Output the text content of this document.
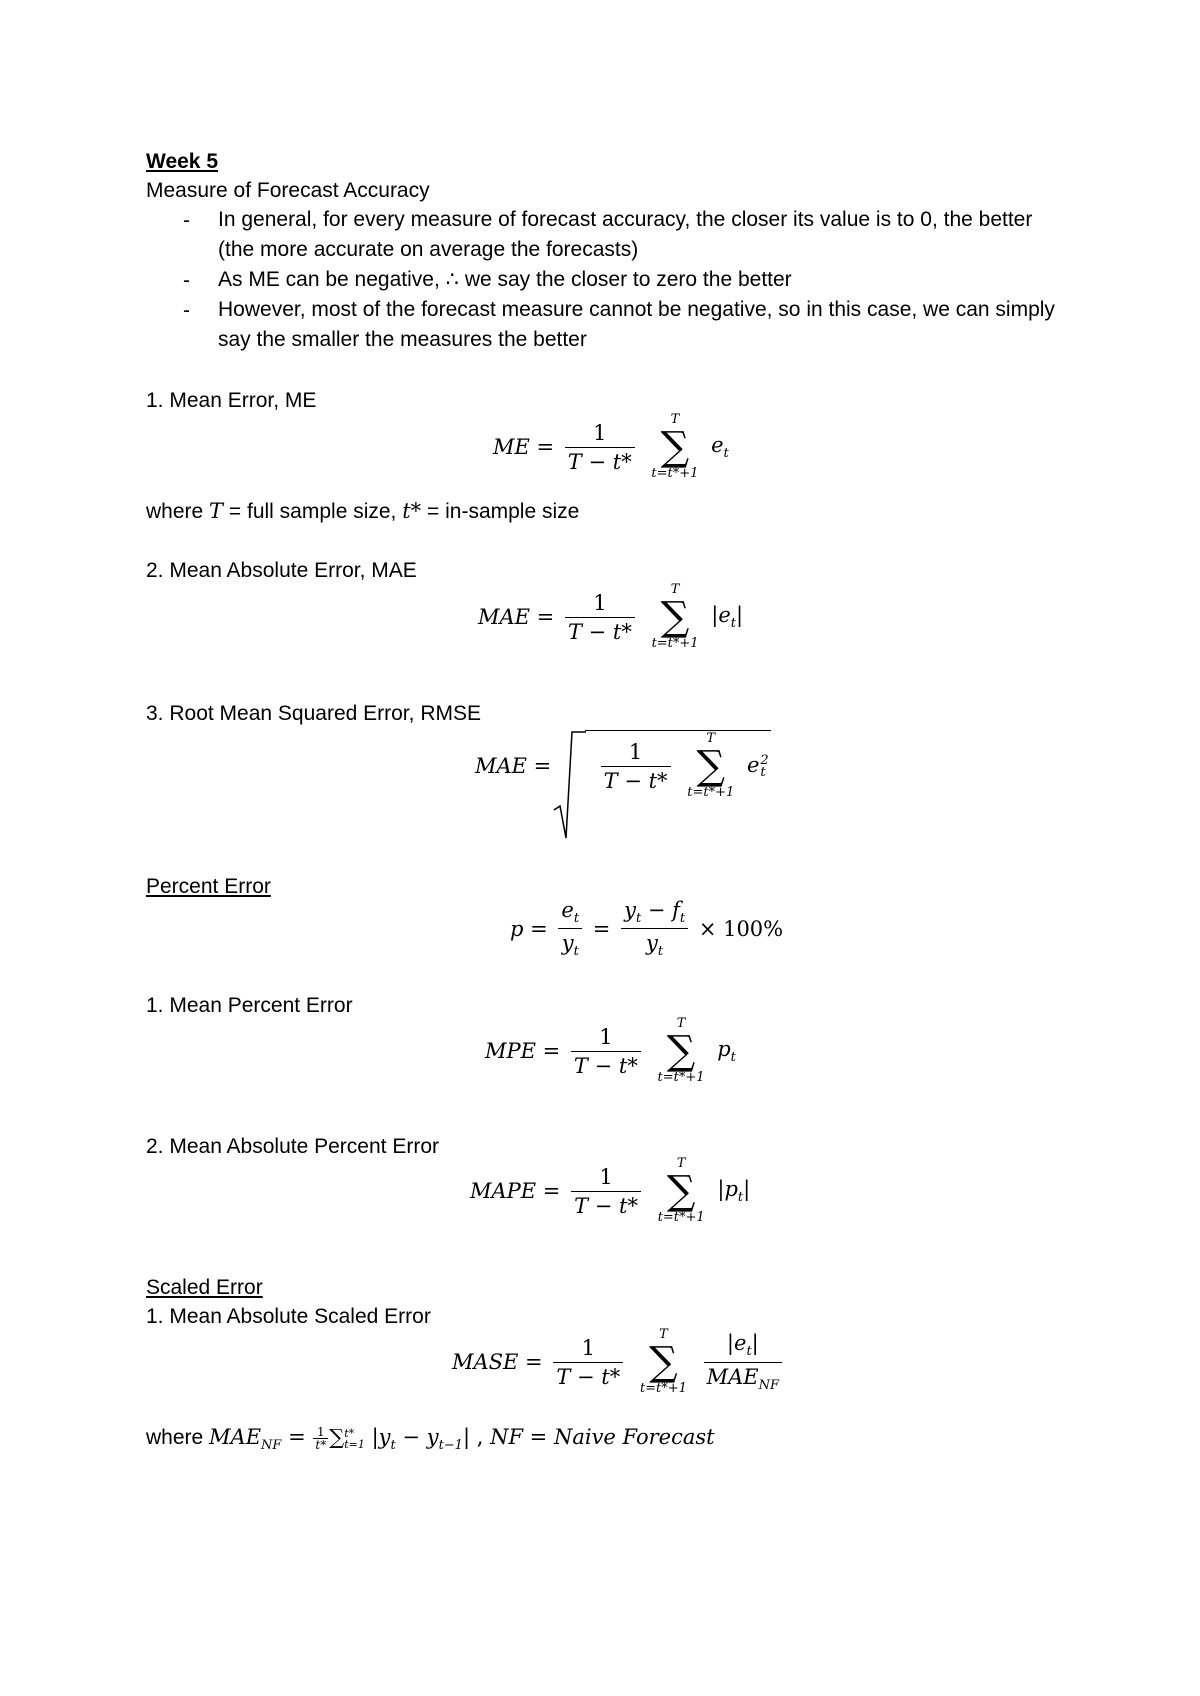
Week 5
Measure of Forecast Accuracy
- In general, for every measure of forecast accuracy, the closer its value is to 0, the better (the more accurate on average the forecasts)
- As ME can be negative, ∴ we say the closer to zero the better
- However, most of the forecast measure cannot be negative, so in this case, we can simply say the smaller the measures the better
1. Mean Error, ME
ME = $\frac{1}{T - t*}$

T
∑
t=t*+1
$e_t$
where T = full sample size, t* = in-sample size
2. Mean Absolute Error, MAE
MAE = $\frac{1}{T - t*}$

T
∑
t=t*+1
$|e_t|$
3. Root Mean Squared Error, RMSE
MAE =
$\frac{1}{T - t*}$

T
∑
t=t*+1
e 2
t
Percent Error
$p = \frac{e_t}{y_t} = \frac{y_t - f_t}{y_t} \times 100\%$
1. Mean Percent Error
MPE = $\frac{1}{T - t*}$

T
∑
t=t*+1
$p_t$
2. Mean Absolute Percent Error
MAPE = $\frac{1}{T - t*}$

T
∑
t=t*+1
$|p_t|$
Scaled Error
1. Mean Absolute Scaled Error
MASE = $\frac{1}{T - t*}$

T
∑
t=t*+1
$\frac{|e_t|}{MAE_{NF}}$
where $MAE_{NF} = \frac{1}{t*}$ ∑ t*
t=1 $|y_t - y_{t-1}|$ , NF = Naive Forecast
